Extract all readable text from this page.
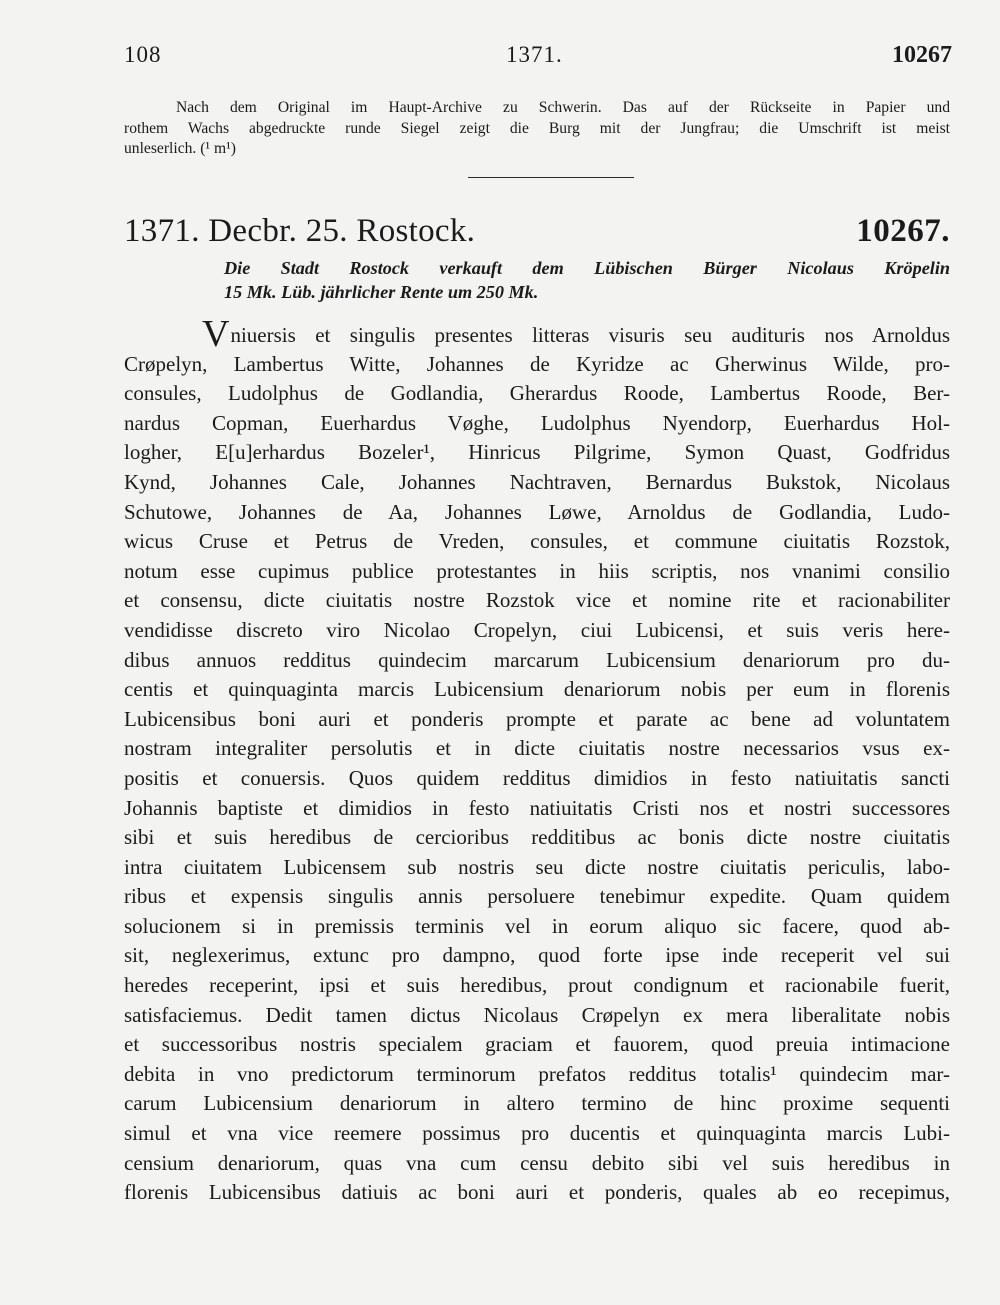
108	1371.	10267
Nach dem Original im Haupt-Archive zu Schwerin. Das auf der Rückseite in Papier und
rothem Wachs abgedruckte runde Siegel zeigt die Burg mit der Jungfrau; die Umschrift ist meist
unleserlich. (¹ m¹)
1371. Decbr. 25. Rostock.	10267.
Die Stadt Rostock verkauft dem Lübischen Bürger Nicolaus Kröpelin
15 Mk. Lüb. jährlicher Rente um 250 Mk.
Vniuersis et singulis presentes litteras visuris seu audituris nos Arnoldus
Crøpelyn, Lambertus Witte, Johannes de Kyridze ac Gherwinus Wilde, pro-
consules, Ludolphus de Godlandia, Gherardus Roode, Lambertus Roode, Ber-
nardus Copman, Euerhardus Vøghe, Ludolphus Nyendorp, Euerhardus Hol-
logher, E[u]erhardus Bozeler¹, Hinricus Pilgrime, Symon Quast, Godfridus
Kynd, Johannes Cale, Johannes Nachtraven, Bernardus Bukstok, Nicolaus
Schutowe, Johannes de Aa, Johannes Løwe, Arnoldus de Godlandia, Ludo-
wicus Cruse et Petrus de Vreden, consules, et commune ciuitatis Rozstok,
notum esse cupimus publice protestantes in hiis scriptis, nos vnanimi consilio
et consensu, dicte ciuitatis nostre Rozstok vice et nomine rite et racionabiliter
vendidisse discreto viro Nicolao Cropelyn, ciui Lubicensi, et suis veris here-
dibus annuos redditus quindecim marcarum Lubicensium denariorum pro du-
centis et quinquaginta marcis Lubicensium denariorum nobis per eum in florenis
Lubicensibus boni auri et ponderis prompte et parate ac bene ad voluntatem
nostram integraliter persolutis et in dicte ciuitatis nostre necessarios vsus ex-
positis et conuersis. Quos quidem redditus dimidios in festo natiuitatis sancti
Johannis baptiste et dimidios in festo natiuitatis Cristi nos et nostri successores
sibi et suis heredibus de cercioribus redditibus ac bonis dicte nostre ciuitatis
intra ciuitatem Lubicensem sub nostris seu dicte nostre ciuitatis periculis, labo-
ribus et expensis singulis annis persoluere tenebimur expedite. Quam quidem
solucionem si in premissis terminis vel in eorum aliquo sic facere, quod ab-
sit, neglexerimus, extunc pro dampno, quod forte ipse inde receperit vel sui
heredes receperint, ipsi et suis heredibus, prout condignum et racionabile fuerit,
satisfaciemus. Dedit tamen dictus Nicolaus Crøpelyn ex mera liberalitate nobis
et successoribus nostris specialem graciam et fauorem, quod preuia intimacione
debita in vno predictorum terminorum prefatos redditus totalis¹ quindecim mar-
carum Lubicensium denariorum in altero termino de hinc proxime sequenti
simul et vna vice reemere possimus pro ducentis et quinquaginta marcis Lubi-
censium denariorum, quas vna cum censu debito sibi vel suis heredibus in
florenis Lubicensibus datiuis ac boni auri et ponderis, quales ab eo recepimus,
